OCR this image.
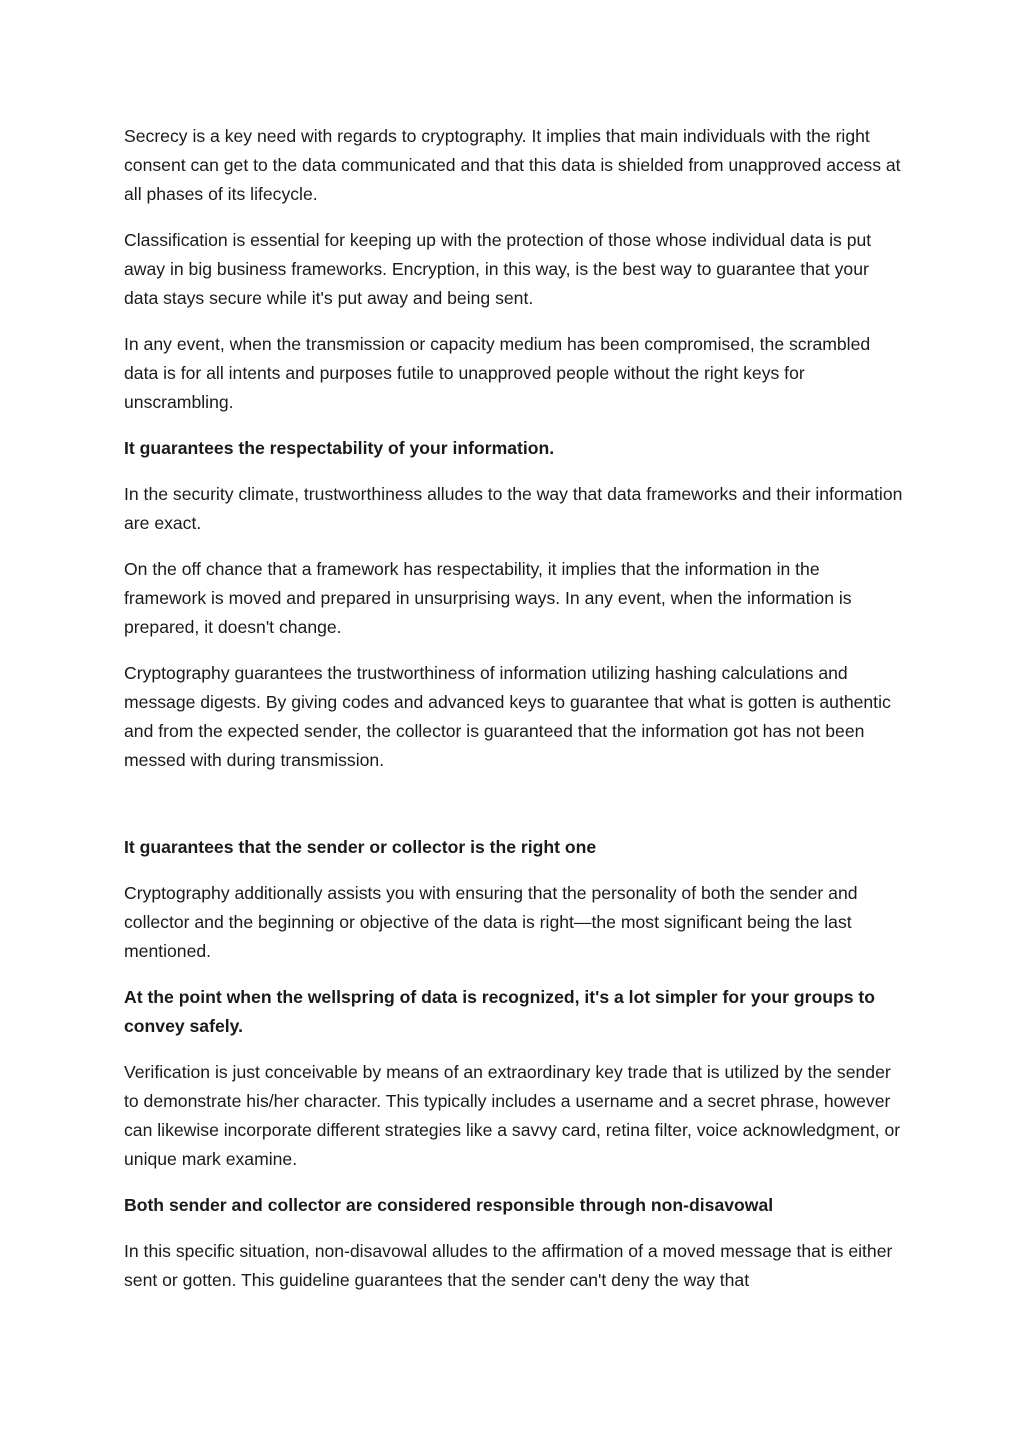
Secrecy is a key need with regards to cryptography. It implies that main individuals with the right consent can get to the data communicated and that this data is shielded from unapproved access at all phases of its lifecycle.

Classification is essential for keeping up with the protection of those whose individual data is put away in big business frameworks. Encryption, in this way, is the best way to guarantee that your data stays secure while it's put away and being sent.

In any event, when the transmission or capacity medium has been compromised, the scrambled data is for all intents and purposes futile to unapproved people without the right keys for unscrambling.

It guarantees the respectability of your information.

In the security climate, trustworthiness alludes to the way that data frameworks and their information are exact.

On the off chance that a framework has respectability, it implies that the information in the framework is moved and prepared in unsurprising ways. In any event, when the information is prepared, it doesn't change.

Cryptography guarantees the trustworthiness of information utilizing hashing calculations and message digests. By giving codes and advanced keys to guarantee that what is gotten is authentic and from the expected sender, the collector is guaranteed that the information got has not been messed with during transmission.

It guarantees that the sender or collector is the right one

Cryptography additionally assists you with ensuring that the personality of both the sender and collector and the beginning or objective of the data is right—the most significant being the last mentioned.

At the point when the wellspring of data is recognized, it's a lot simpler for your groups to convey safely.

Verification is just conceivable by means of an extraordinary key trade that is utilized by the sender to demonstrate his/her character. This typically includes a username and a secret phrase, however can likewise incorporate different strategies like a savvy card, retina filter, voice acknowledgment, or unique mark examine.

Both sender and collector are considered responsible through non-disavowal

In this specific situation, non-disavowal alludes to the affirmation of a moved message that is either sent or gotten. This guideline guarantees that the sender can't deny the way that
